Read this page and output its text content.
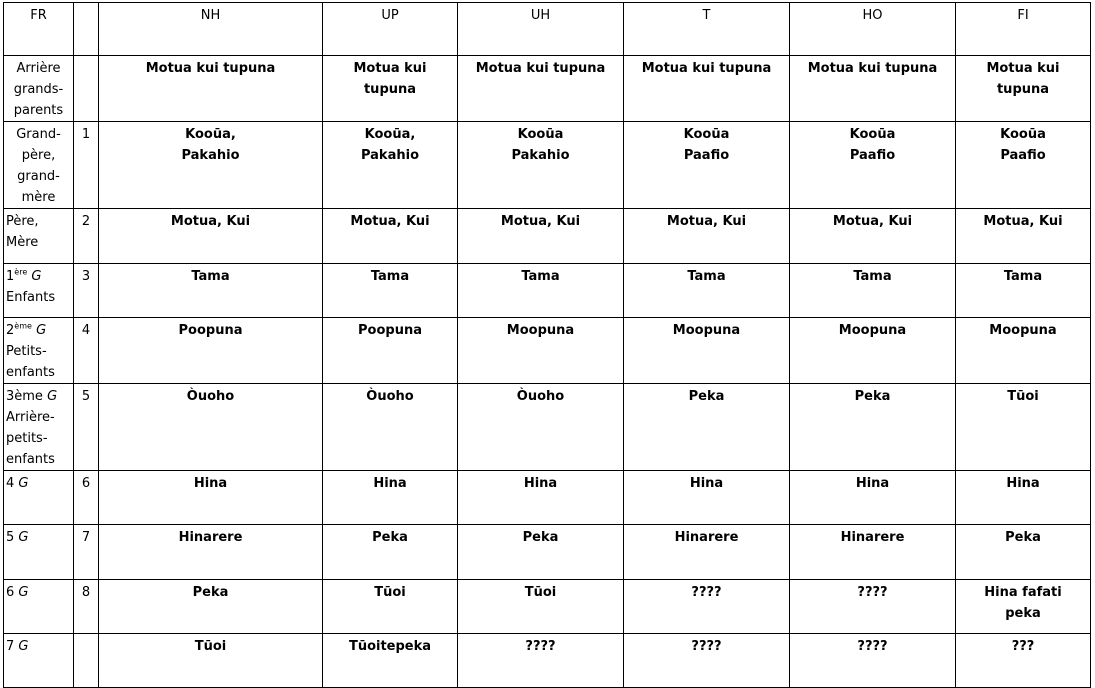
FR		NH	UP	UH	T	HO	FI
Arrière
grands-
parents		Motua kui tupuna	Motua kui
tupuna	Motua kui tupuna	Motua kui tupuna	Motua kui tupuna	Motua kui
tupuna
Grand-
père,
grand-
mère	1	Kooūa,
Pakahio	Kooūa,
Pakahio	Kooūa
Pakahio	Kooūa
Paafio	Kooūa
Paafio	Kooūa
Paafio
Père,
Mère	2	Motua, Kui	Motua, Kui	Motua, Kui	Motua, Kui	Motua, Kui	Motua, Kui
1ère G
Enfants	3	Tama	Tama	Tama	Tama	Tama	Tama
2ème G
Petits-
enfants	4	Poopuna	Poopuna	Moopuna	Moopuna	Moopuna	Moopuna
3ème G
Arrière-
petits-
enfants	5	Òuoho	Òuoho	Òuoho	Peka	Peka	Tūoi
4 G	6	Hina	Hina	Hina	Hina	Hina	Hina
5 G	7	Hinarere	Peka	Peka	Hinarere	Hinarere	Peka
6 G	8	Peka	Tūoi	Tūoi	????	????	Hina fafati
peka
7 G		Tūoi	Tūoitepeka	????	????	????	???
